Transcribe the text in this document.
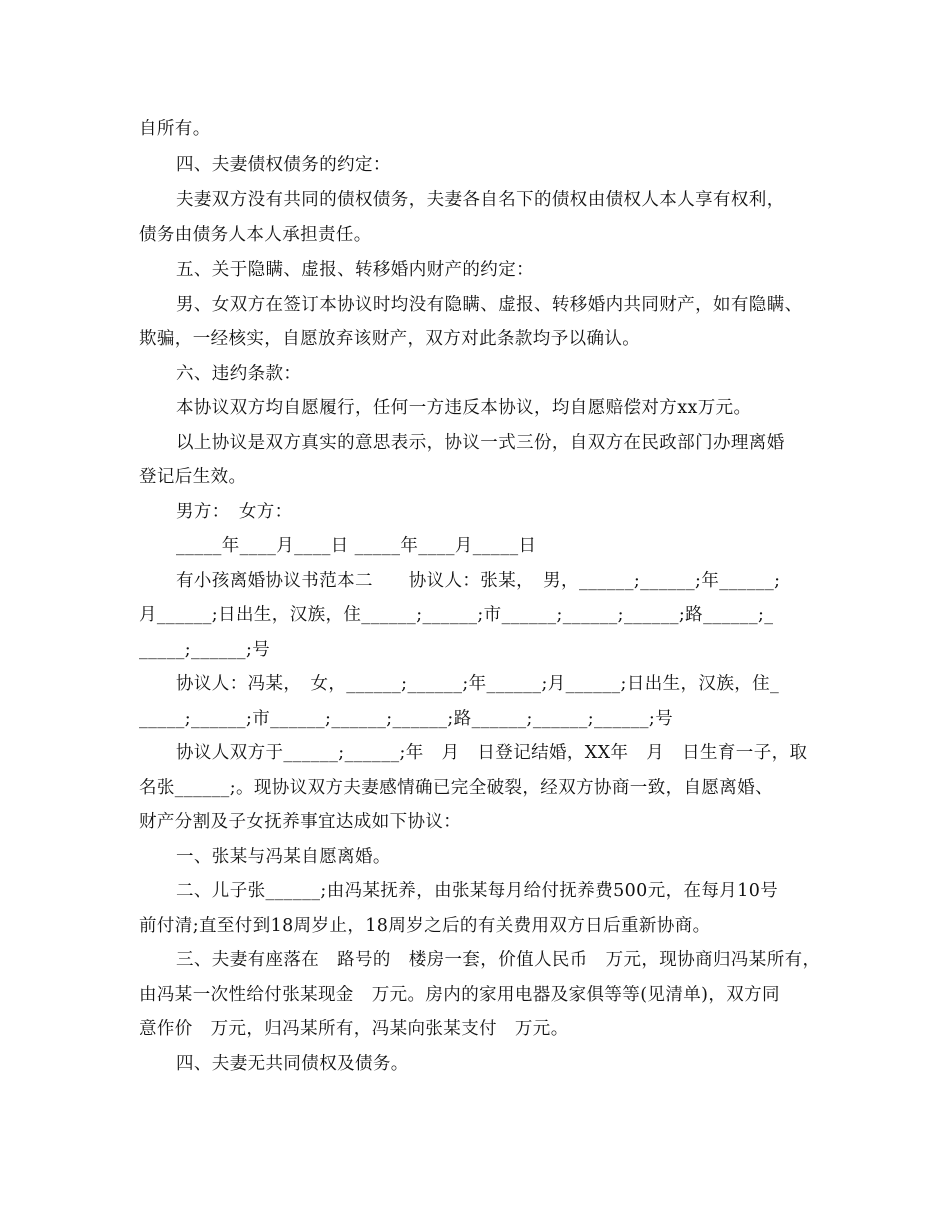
自所有。
四、夫妻债权债务的约定：
夫妻双方没有共同的债权债务，夫妻各自名下的债权由债权人本人享有权利，
债务由债务人本人承担责任。
五、关于隐瞒、虚报、转移婚内财产的约定：
男、女双方在签订本协议时均没有隐瞒、虚报、转移婚内共同财产，如有隐瞒、
欺骗，一经核实，自愿放弃该财产，双方对此条款均予以确认。
六、违约条款：
本协议双方均自愿履行，任何一方违反本协议，均自愿赔偿对方xx万元。
以上协议是双方真实的意思表示，协议一式三份，自双方在民政部门办理离婚
登记后生效。
男方：　女方：
_____年____月____日 _____年____月_____日
有小孩离婚协议书范本二　　协议人：张某，　男，______;______;年______;
月______;日出生，汉族，住______;______;市______;______;______;路______;_
_____;______;号
协议人：冯某，　女，______;______;年______;月______;日出生，汉族，住_
_____;______;市______;______;______;路______;______;______;号
协议人双方于______;______;年　月　日登记结婚，XX年　月　日生育一子，取
名张______;。现协议双方夫妻感情确已完全破裂，经双方协商一致，自愿离婚、
财产分割及子女抚养事宜达成如下协议：
一、张某与冯某自愿离婚。
二、儿子张______;由冯某抚养，由张某每月给付抚养费500元，在每月10号
前付清;直至付到18周岁止，18周岁之后的有关费用双方日后重新协商。
三、夫妻有座落在　路号的　楼房一套，价值人民币　万元，现协商归冯某所有，
由冯某一次性给付张某现金　万元。房内的家用电器及家俱等等(见清单)，双方同
意作价　万元，归冯某所有，冯某向张某支付　万元。
四、夫妻无共同债权及债务。
